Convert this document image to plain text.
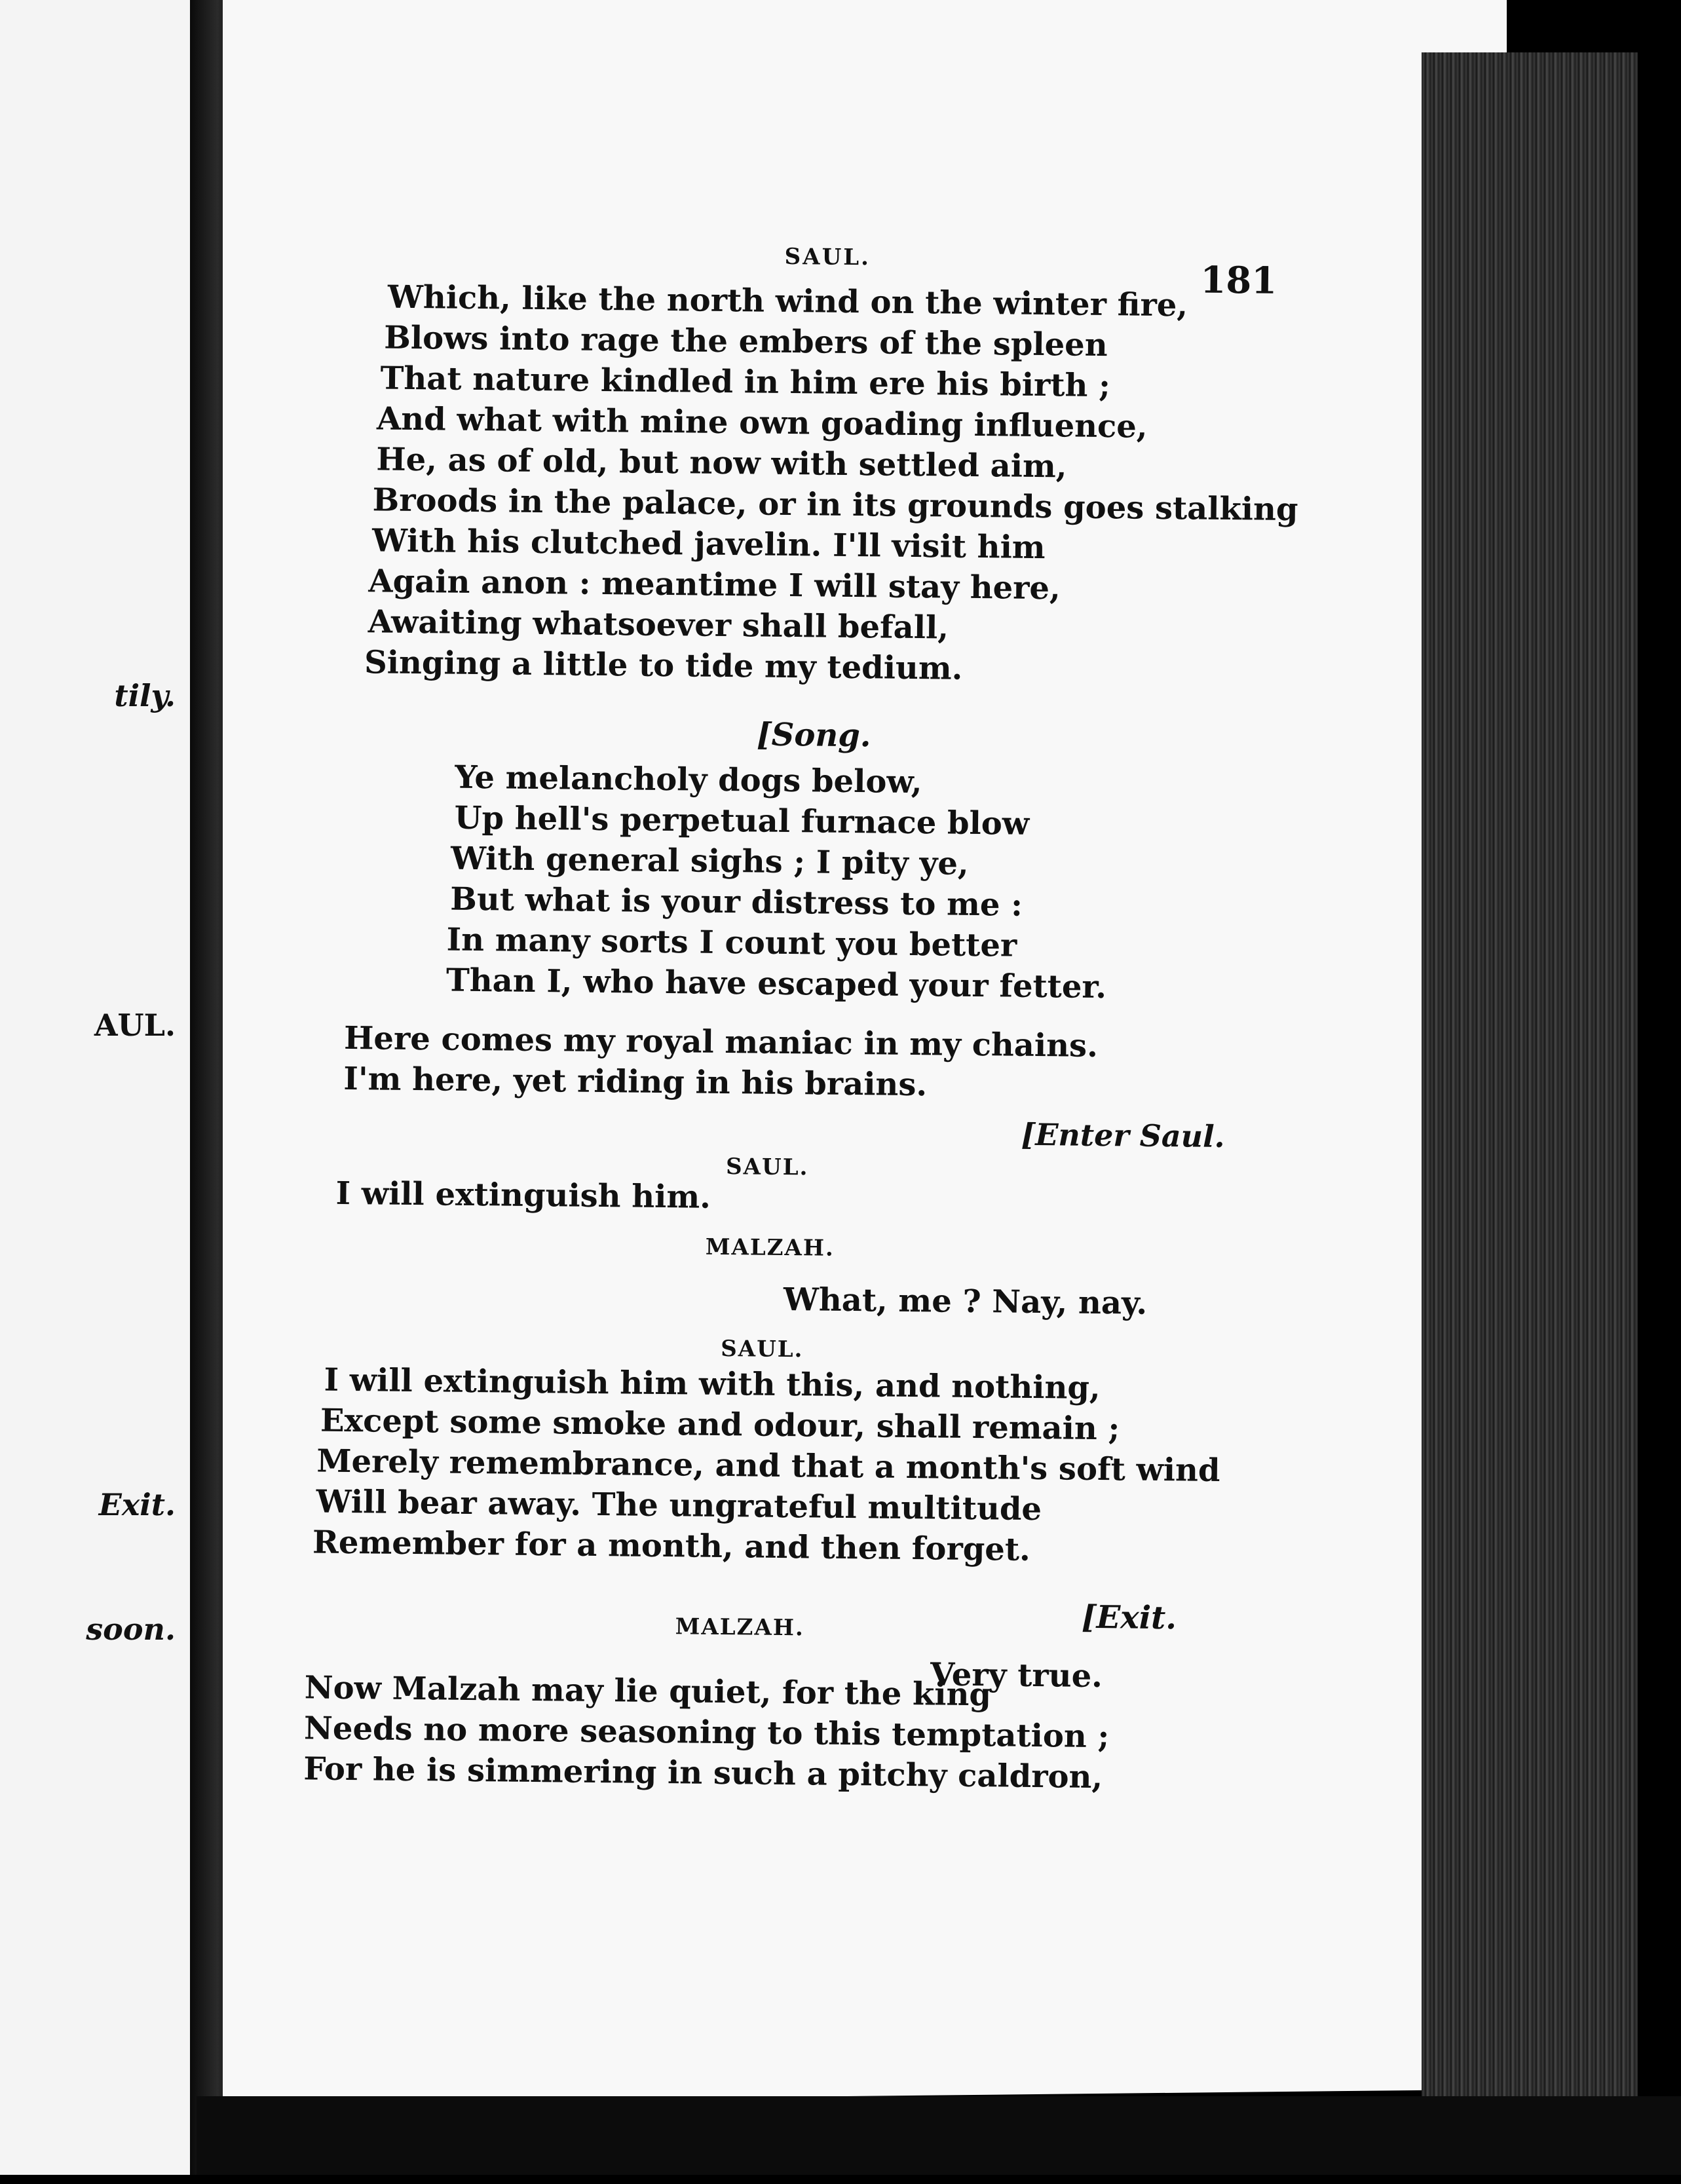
tily.
AUL.
Exit.
soon.
SAUL.
181
Which, like the north wind on the winter fire,
Blows into rage the embers of the spleen
That nature kindled in him ere his birth ;
And what with mine own goading influence,
He, as of old, but now with settled aim,
Broods in the palace, or in its grounds goes stalking
With his clutched javelin. I'll visit him
Again anon : meantime I will stay here,
Awaiting whatsoever shall befall,
Singing a little to tide my tedium.
[Song.
Ye melancholy dogs below,
Up hell's perpetual furnace blow
With general sighs ; I pity ye,
But what is your distress to me :
In many sorts I count you better
Than I, who have escaped your fetter.
Here comes my royal maniac in my chains.
I'm here, yet riding in his brains.
[Enter Saul.
SAUL.
I will extinguish him.
MALZAH.
What, me ? Nay, nay.
SAUL.
I will extinguish him with this, and nothing,
Except some smoke and odour, shall remain ;
Merely remembrance, and that a month's soft wind
Will bear away. The ungrateful multitude
Remember for a month, and then forget.
[Exit.
MALZAH.
Very true.
Now Malzah may lie quiet, for the king
Needs no more seasoning to this temptation ;
For he is simmering in such a pitchy caldron,
